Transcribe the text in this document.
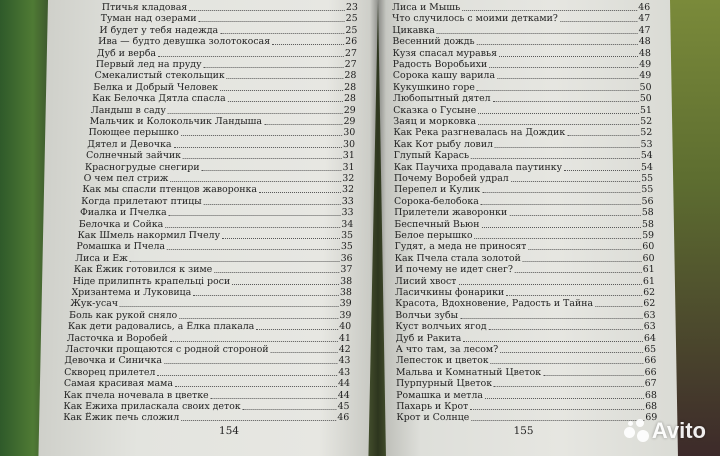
Птичья кладовая	23
Туман над озерами	25
И будет у тебя надежда	25
Ива — будто девушка золотокосая	26
Дуб и верба	27
Первый лед на пруду	27
Смекалистый стекольщик	28
Белка и Добрый Человек	28
Как Белочка Дятла спасла	28
Ландыш в саду	29
Мальчик и Колокольчик Ландыша	29
Поющее перышко	30
Дятел и Девочка	30
Солнечный зайчик	31
Красногрудые снегири	31
О чем пел стриж	32
Как мы спасли птенцов жаворонка	32
Когда прилетают птицы	33
Фиалка и Пчелка	33
Белочка и Сойка	34
Как Шмель накормил Пчелу	35
Ромашка и Пчела	35
Лиса и Еж	36
Как Ёжик готовился к зиме	37
Ніде прилипнть крапельці роси	38
Хризантема и Луковица	38
Жук-усач	39
Боль как рукой сняло	39
Как дети радовались, а Ёлка плакала	40
Ласточка и Воробей	41
Ласточки прощаются с родной стороной	42
Девочка и Синичка	43
Скворец прилетел	43
Самая красивая мама	44
Как пчела ночевала в цветке	44
Как Ежиха приласкала своих деток	45
Как Ёжик печь сложил	46
154
Лиса и Мышь	46
Что случилось с моими детками?	47
Цикавка	47
Весенний дождь	48
Кузя спасал муравья	48
Радость Воробьихи	49
Сорока кашу варила	49
Кукушкино горе	50
Любопытный дятел	50
Сказка о Гусыне	51
Заяц и морковка	52
Как Река разгневалась на Дождик	52
Как Кот рыбу ловил	53
Глупый Карась	54
Как Паучиха продавала паутинку	54
Почему Воробей удрал	55
Перепел и Кулик	55
Сорока-белобока	56
Прилетели жаворонки	58
Беспечный Вьюн	58
Белое перышко	59
Гудят, а меда не приносят	60
Как Пчела стала золотой	60
И почему не идет снег?	61
Лисий хвост	61
Ласичкины фонарики	62
Красота, Вдохновение, Радость и Тайна	62
Волчьи зубы	63
Куст волчьих ягод	63
Дуб и Ракита	64
А что там, за лесом?	65
Лепесток и цветок	66
Мальва и Комнатный Цветок	66
Пурпурный Цветок	67
Ромашка и метла	68
Пахарь и Крот	68
Крот и Солнце	69
155	Avito
